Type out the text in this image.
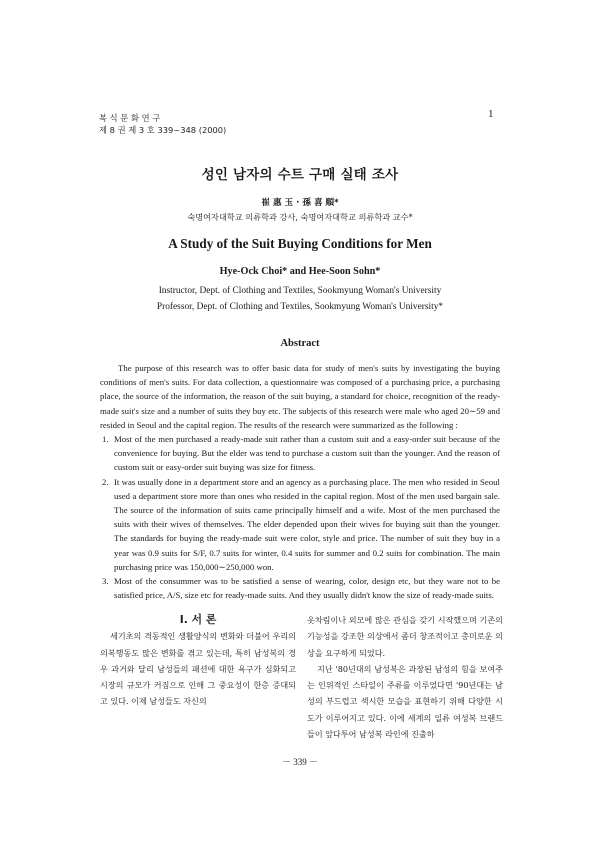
복 식 문 화 연 구
제 8 권 제 3 호 339~348 (2000)
1
성인 남자의 수트 구매 실태 조사
崔 惠 玉 · 孫 喜 順*
숙명여자대학교 의류학과 강사, 숙명여자대학교 의류학과 교수*
A Study of the Suit Buying Conditions for Men
Hye-Ock Choi* and Hee-Soon Sohn*
Instructor, Dept. of Clothing and Textiles, Sookmyung Woman's University
Professor, Dept. of Clothing and Textiles, Sookmyung Woman's University*
Abstract

The purpose of this research was to offer basic data for study of men's suits by investigating the buying conditions of men's suits. For data collection, a questionnaire was composed of a purchasing price, a purchasing place, the source of the information, the reason of the suit buying, a standard for choice, recognition of the ready-made suit's size and a number of suits they buy etc. The subjects of this research were male who aged 20∼59 and resided in Seoul and the capital region. The results of the research were summarized as the following :

1. Most of the men purchased a ready-made suit rather than a custom suit and a easy-order suit because of the convenience for buying. But the elder was tend to purchase a custom suit than the younger. And the reason of custom suit or easy-order suit buying was size for fitness.
2. It was usually done in a department store and an agency as a purchasing place. The men who resided in Seoul used a department store more than ones who resided in the capital region. Most of the men used bargain sale. The source of the information of suits came principally himself and a wife. Most of the men purchased the suits with their wives of themselves. The elder depended upon their wives for buying suit than the younger. The standards for buying the ready-made suit were color, style and price. The number of suit they buy in a year was 0.9 suits for S/F, 0.7 suits for winter, 0.4 suits for summer and 0.2 suits for combination. The main purchasing price was 150,000∼250,000 won.
3. Most of the consummer was to be satisfied a sense of wearing, color, design etc, but they ware not to be satisfied price, A/S, size etc for ready-made suits. And they usually didn't know the size of ready-made suits.

Ⅰ. 서 론

세기초의 격동적인 생활양식의 변화와 더불어 우리의 의복행동도 많은 변화를 겪고 있는데, 특히 남성복의 경우 과거와 달리 남성들의 패션에 대한 욕구가 심화되고 시장의 규모가 커짐으로 인해 그 중요성이 한층 증대되고 있다. 이제 남성들도 자신의

옷차림이나 외모에 많은 관심을 갖기 시작했으며 기존의 기능성을 강조한 의상에서 좀더 창조적이고 총미로운 의상을 요구하게 되었다.

지난 '80년대의 남성복은 과장된 남성의 힘을 보여주는 인위적인 스타일이 주류를 이루었다면 '90년대는 남성의 부드럽고 섹시한 모습을 표현하기 위해 다양한 시도가 이루어지고 있다. 이에 세계의 일류 여성복 브랜드들이 앞다투어 남성복 라인에 진출하

－ 339 －
